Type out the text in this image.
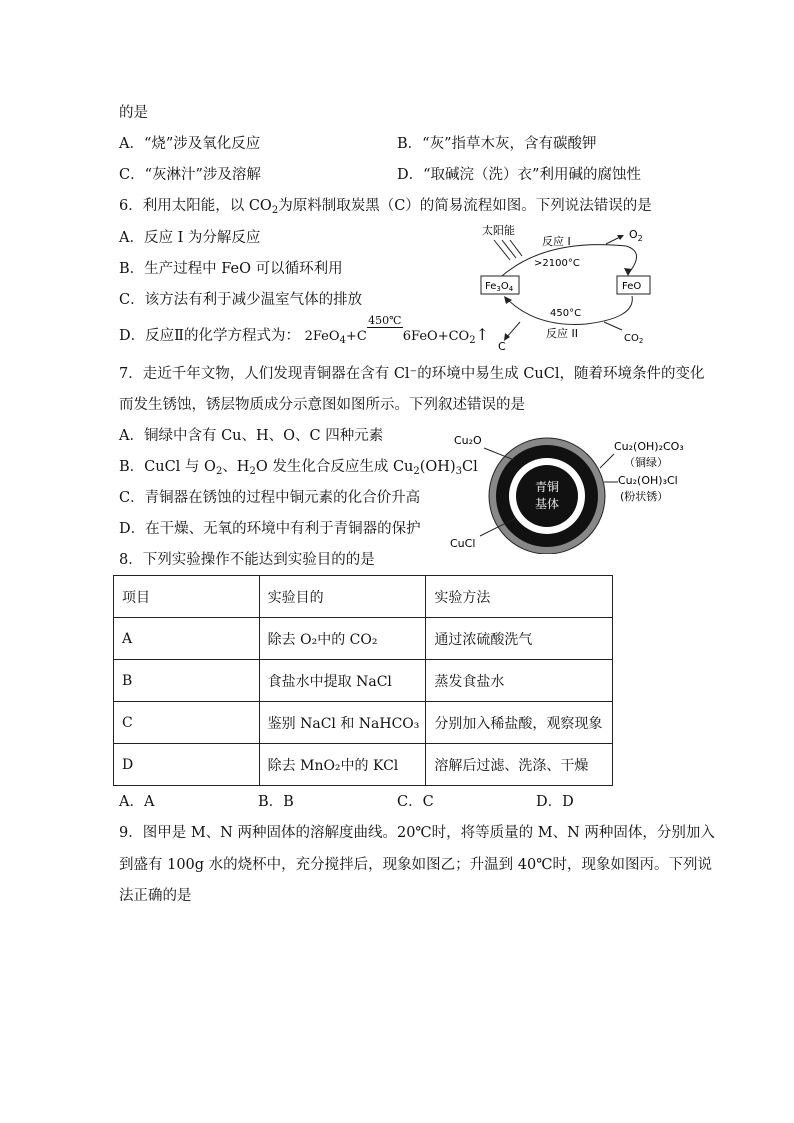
的是
A．“烧”涉及氧化反应	B．“灰”指草木灰，含有碳酸钾
C．“灰淋汁”涉及溶解	D．“取碱浣（洗）衣”利用碱的腐蚀性
6．利用太阳能，以 $CO_2$为原料制取炭黑（C）的简易流程如图。下列说法错误的是
A．反应 I 为分解反应
B．生产过程中 FeO 可以循环利用
C．该方法有利于减少温室气体的排放
D．反应Ⅱ的化学方程式为： 2FeO$_4$+C
450℃
$6FeO+CO_2↑$
太阳能
反应 I
>2100°C
$O_2$
$Fe_3O_4$	FeO
450°C
反应 II	$CO_2$
C
7．走近千年文物，人们发现青铜器在含有 Cl⁻的环境中易生成 CuCl，随着环境条件的变化
而发生锈蚀，锈层物质成分示意图如图所示。下列叙述错误的是
A．铜绿中含有 Cu、H、O、C 四种元素
B．CuCl 与 $O_2$、$H_2O$ 发生化合反应生成 $Cu_2(OH)_3Cl$
C．青铜器在锈蚀的过程中铜元素的化合价升高
D．在干燥、无氧的环境中有利于青铜器的保护
青铜
基体
Cu₂O
CuCl
Cu₂(OH)₂CO₃
（铜绿）
Cu₂(OH)₃Cl
(粉状锈）
8．下列实验操作不能达到实验目的的是
项目	实验目的	实验方法
A	除去 O₂中的 CO₂	通过浓硫酸洗气
B	食盐水中提取 NaCl	蒸发食盐水
C	鉴别 NaCl 和 NaHCO₃	分别加入稀盐酸，观察现象
D	除去 MnO₂中的 KCl	溶解后过滤、洗涤、干燥
A．A	B．B	C．C	D．D
9．图甲是 M、N 两种固体的溶解度曲线。20℃时，将等质量的 M、N 两种固体，分别加入
到盛有 100g 水的烧杯中，充分搅拌后，现象如图乙；升温到 40℃时，现象如图丙。下列说
法正确的是
